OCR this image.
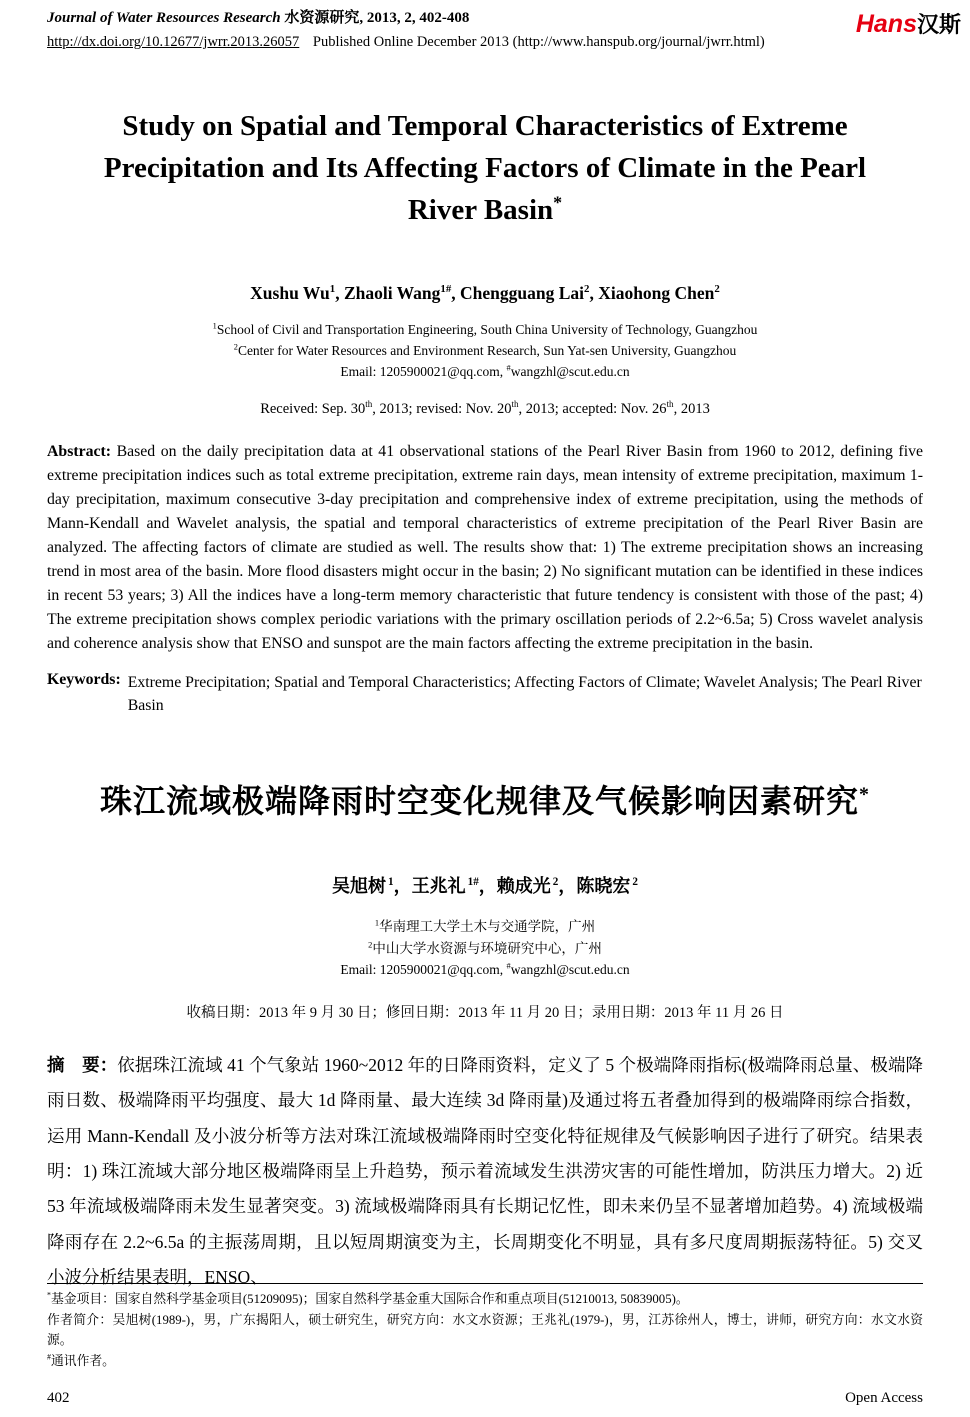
Journal of Water Resources Research 水资源研究, 2013, 2, 402-408
http://dx.doi.org/10.12677/jwrr.2013.26057 Published Online December 2013 (http://www.hanspub.org/journal/jwrr.html)
Hans汉斯
Study on Spatial and Temporal Characteristics of Extreme Precipitation and Its Affecting Factors of Climate in the Pearl River Basin*
Xushu Wu$^1$, Zhaoli Wang$^{1\#}$, Chengguang Lai$^2$, Xiaohong Chen$^2$
$^1$School of Civil and Transportation Engineering, South China University of Technology, Guangzhou
$^2$Center for Water Resources and Environment Research, Sun Yat-sen University, Guangzhou
Email: 1205900021@qq.com, #wangzhl@scut.edu.cn
Received: Sep. 30th, 2013; revised: Nov. 20th, 2013; accepted: Nov. 26th, 2013

Abstract: Based on the daily precipitation data at 41 observational stations of the Pearl River Basin from 1960 to 2012, defining five extreme precipitation indices such as total extreme precipitation, extreme rain days, mean intensity of extreme precipitation, maximum 1-day precipitation, maximum consecutive 3-day precipitation and comprehensive index of extreme precipitation, using the methods of Mann-Kendall and Wavelet analysis, the spatial and temporal characteristics of extreme precipitation of the Pearl River Basin are analyzed. The affecting factors of climate are studied as well. The results show that: 1) The extreme precipitation shows an increasing trend in most area of the basin. More flood disasters might occur in the basin; 2) No significant mutation can be identified in these indices in recent 53 years; 3) All the indices have a long-term memory characteristic that future tendency is consistent with those of the past; 4) The extreme precipitation shows complex periodic variations with the primary oscillation periods of 2.2~6.5a; 5) Cross wavelet analysis and coherence analysis show that ENSO and sunspot are the main factors affecting the extreme precipitation in the basin.

Keywords: Extreme Precipitation; Spatial and Temporal Characteristics; Affecting Factors of Climate; Wavelet Analysis; The Pearl River Basin
珠江流域极端降雨时空变化规律及气候影响因素研究*
吴旭树 $^1$，王兆礼 $^{1\#}$，赖成光 $^2$，陈晓宏 $^2$
$^1$华南理工大学土木与交通学院，广州
$^2$中山大学水资源与环境研究中心，广州
Email: 1205900021@qq.com, #wangzhl@scut.edu.cn
收稿日期：2013 年 9 月 30 日；修回日期：2013 年 11 月 20 日；录用日期：2013 年 11 月 26 日

摘　要：依据珠江流域 41 个气象站 1960~2012 年的日降雨资料，定义了 5 个极端降雨指标(极端降雨总量、极端降雨日数、极端降雨平均强度、最大 1d 降雨量、最大连续 3d 降雨量)及通过将五者叠加得到的极端降雨综合指数，运用 Mann-Kendall 及小波分析等方法对珠江流域极端降雨时空变化特征规律及气候影响因子进行了研究。结果表明：1) 珠江流域大部分地区极端降雨呈上升趋势，预示着流域发生洪涝灾害的可能性增加，防洪压力增大。2) 近 53 年流域极端降雨未发生显著突变。3) 流域极端降雨具有长期记忆性，即未来仍呈不显著增加趋势。4) 流域极端降雨存在 2.2~6.5a 的主振荡周期，且以短周期演变为主，长周期变化不明显，具有多尺度周期振荡特征。5) 交叉小波分析结果表明，ENSO、

*基金项目：国家自然科学基金项目(51209095)；国家自然科学基金重大国际合作和重点项目(51210013, 50839005)。
作者简介：吴旭树(1989-)，男，广东揭阳人，硕士研究生，研究方向：水文水资源；王兆礼(1979-)，男，江苏徐州人，博士，讲师，研究方向：水文水资源。
#通讯作者。
402	Open Access
